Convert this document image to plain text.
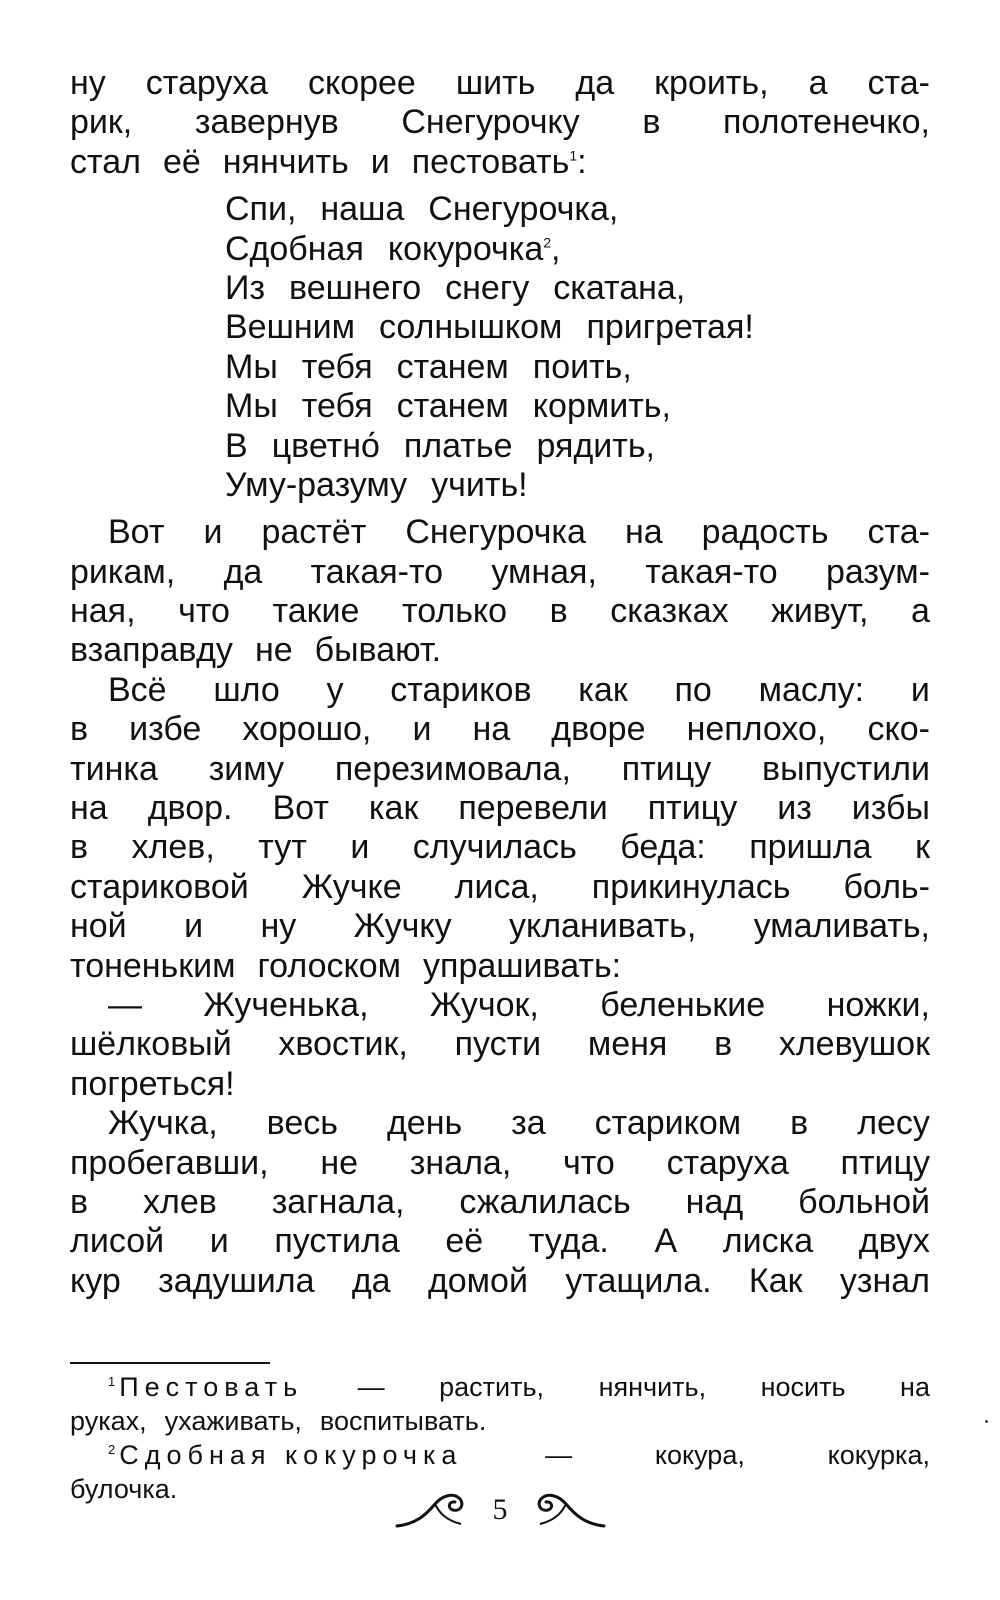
ну старуха скорее шить да кроить, а ста-
рик, завернув Снегурочку в полотенечко,
стал её нянчить и пестовать$^1$:
Спи, наша Снегурочка,
Сдобная кокурочка$^2$,
Из вешнего снегу скатана,
Вешним солнышком пригретая!
Мы тебя станем поить,
Мы тебя станем кормить,
В цветно́ платье рядить,
Уму-разуму учить!
Вот и растёт Снегурочка на радость ста-
рикам, да такая-то умная, такая-то разум-
ная, что такие только в сказках живут, а
взаправду не бывают.
Всё шло у стариков как по маслу: и
в избе хорошо, и на дворе неплохо, ско-
тинка зиму перезимовала, птицу выпустили
на двор. Вот как перевели птицу из избы
в хлев, тут и случилась беда: пришла к
стариковой Жучке лиса, прикинулась боль-
ной и ну Жучку укланивать, умаливать,
тоненьким голоском упрашивать:
— Жученька, Жучок, беленькие ножки,
шёлковый хвостик, пусти меня в хлевушок
погреться!
Жучка, весь день за стариком в лесу
пробегавши, не знала, что старуха птицу
в хлев загнала, сжалилась над больной
лисой и пустила её туда. А лиска двух
кур задушила да домой утащила. Как узнал
$^1$ Пестовать — растить, нянчить, носить на
руках, ухаживать, воспитывать.
$^2$ Сдобная кокурочка	—	кокура,	кокурка,
булочка.
5
